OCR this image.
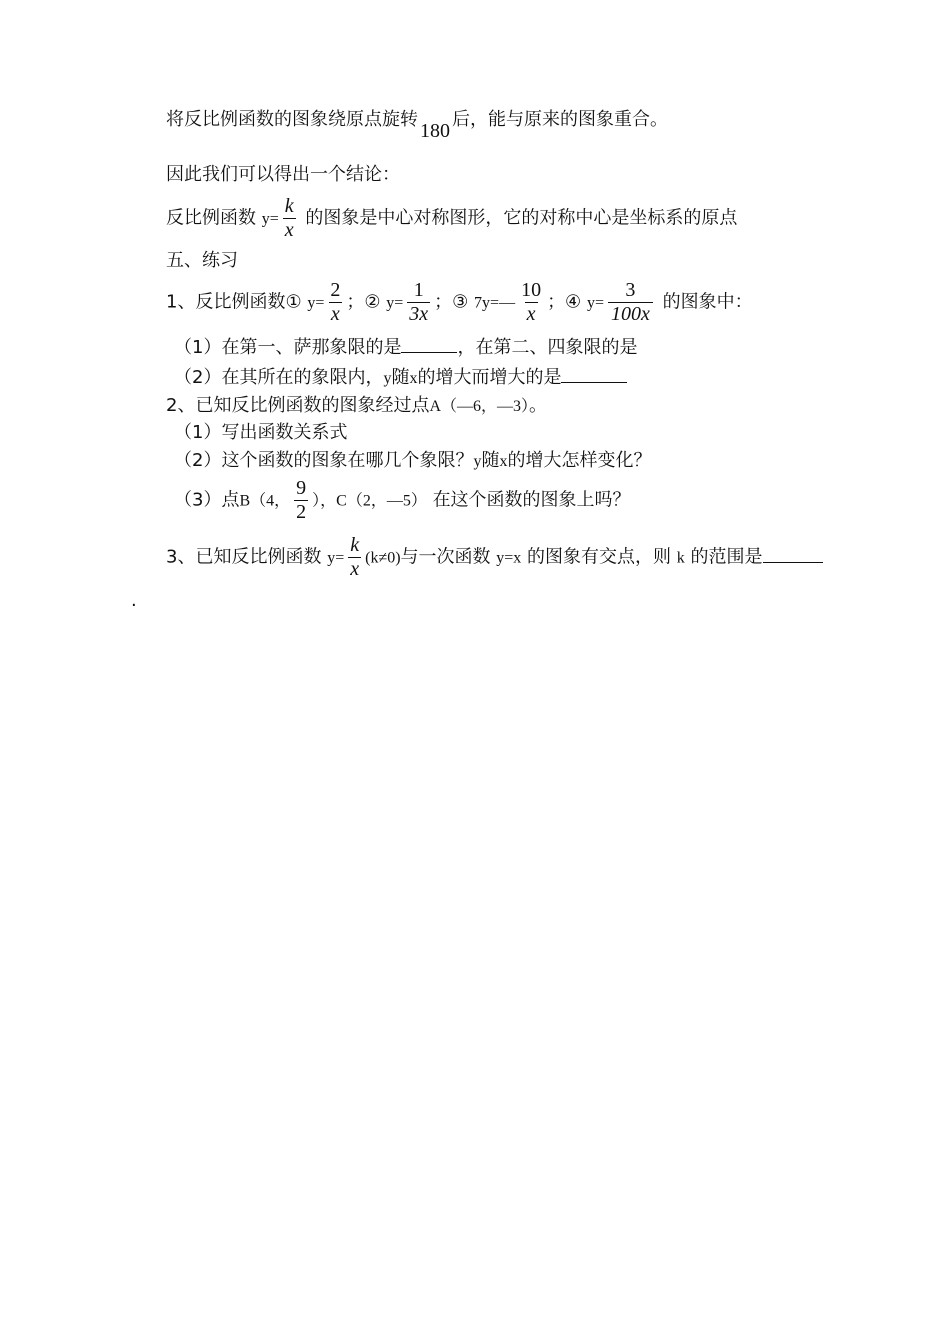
将反比例函数的图象绕原点旋转180后，能与原来的图象重合。
因此我们可以得出一个结论：
反比例函数 $y= \frac{k}{x}$ 的图象是中心对称图形，它的对称中心是坐标系的原点
五、练习
1、反比例函数① $y= \frac{2}{x}$ ；② $y= \frac{1}{3x}$ ；③ 7y=— $\frac{10}{x}$ ；④ $y= \frac{3}{100x}$ 的图象中：
（1）在第一、萨那象限的是	，在第二、四象限的是
（2）在其所在的象限内，y随x的增大而增大的是
2、已知反比例函数的图象经过点A（—6，—3）。
（1）写出函数关系式
（2）这个函数的图象在哪几个象限？y随x的增大怎样变化？
（3）点B（4， $\frac{9}{2}$ ），C（2，—5） 在这个函数的图象上吗？
3、已知反比例函数 $y= \frac{k}{x} (k\ne 0)$与一次函数 y=x 的图象有交点，则 k 的范围是
.
